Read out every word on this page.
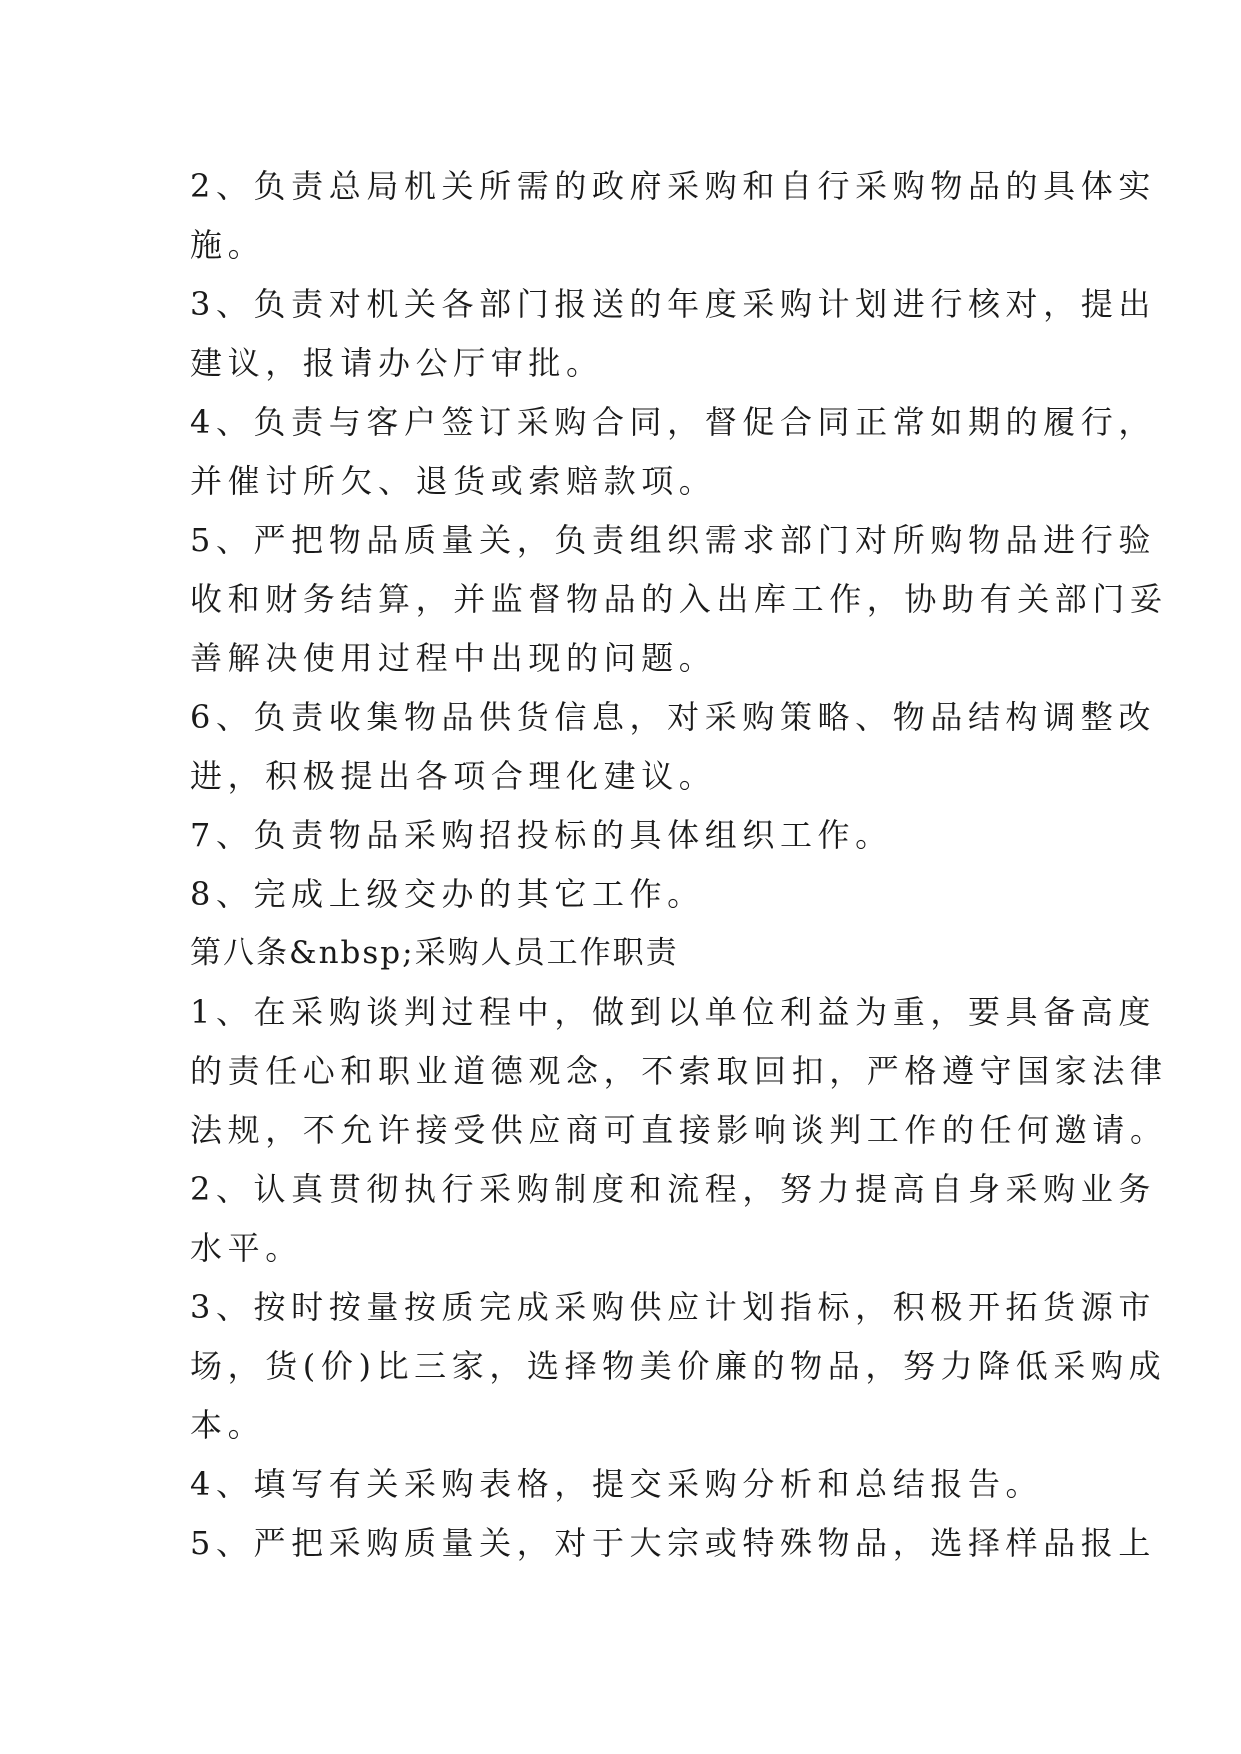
2、负责总局机关所需的政府采购和自行采购物品的具体实

施。

3、负责对机关各部门报送的年度采购计划进行核对，提出

建议，报请办公厅审批。

4、负责与客户签订采购合同，督促合同正常如期的履行，

并催讨所欠、退货或索赔款项。

5、严把物品质量关，负责组织需求部门对所购物品进行验

收和财务结算，并监督物品的入出库工作，协助有关部门妥

善解决使用过程中出现的问题。

6、负责收集物品供货信息，对采购策略、物品结构调整改

进，积极提出各项合理化建议。

7、负责物品采购招投标的具体组织工作。

8、完成上级交办的其它工作。

第八条&nbsp;采购人员工作职责

1、在采购谈判过程中，做到以单位利益为重，要具备高度

的责任心和职业道德观念，不索取回扣，严格遵守国家法律

法规，不允许接受供应商可直接影响谈判工作的任何邀请。

2、认真贯彻执行采购制度和流程，努力提高自身采购业务

水平。

3、按时按量按质完成采购供应计划指标，积极开拓货源市

场，货(价)比三家，选择物美价廉的物品，努力降低采购成

本。

4、填写有关采购表格，提交采购分析和总结报告。

5、严把采购质量关，对于大宗或特殊物品，选择样品报上
